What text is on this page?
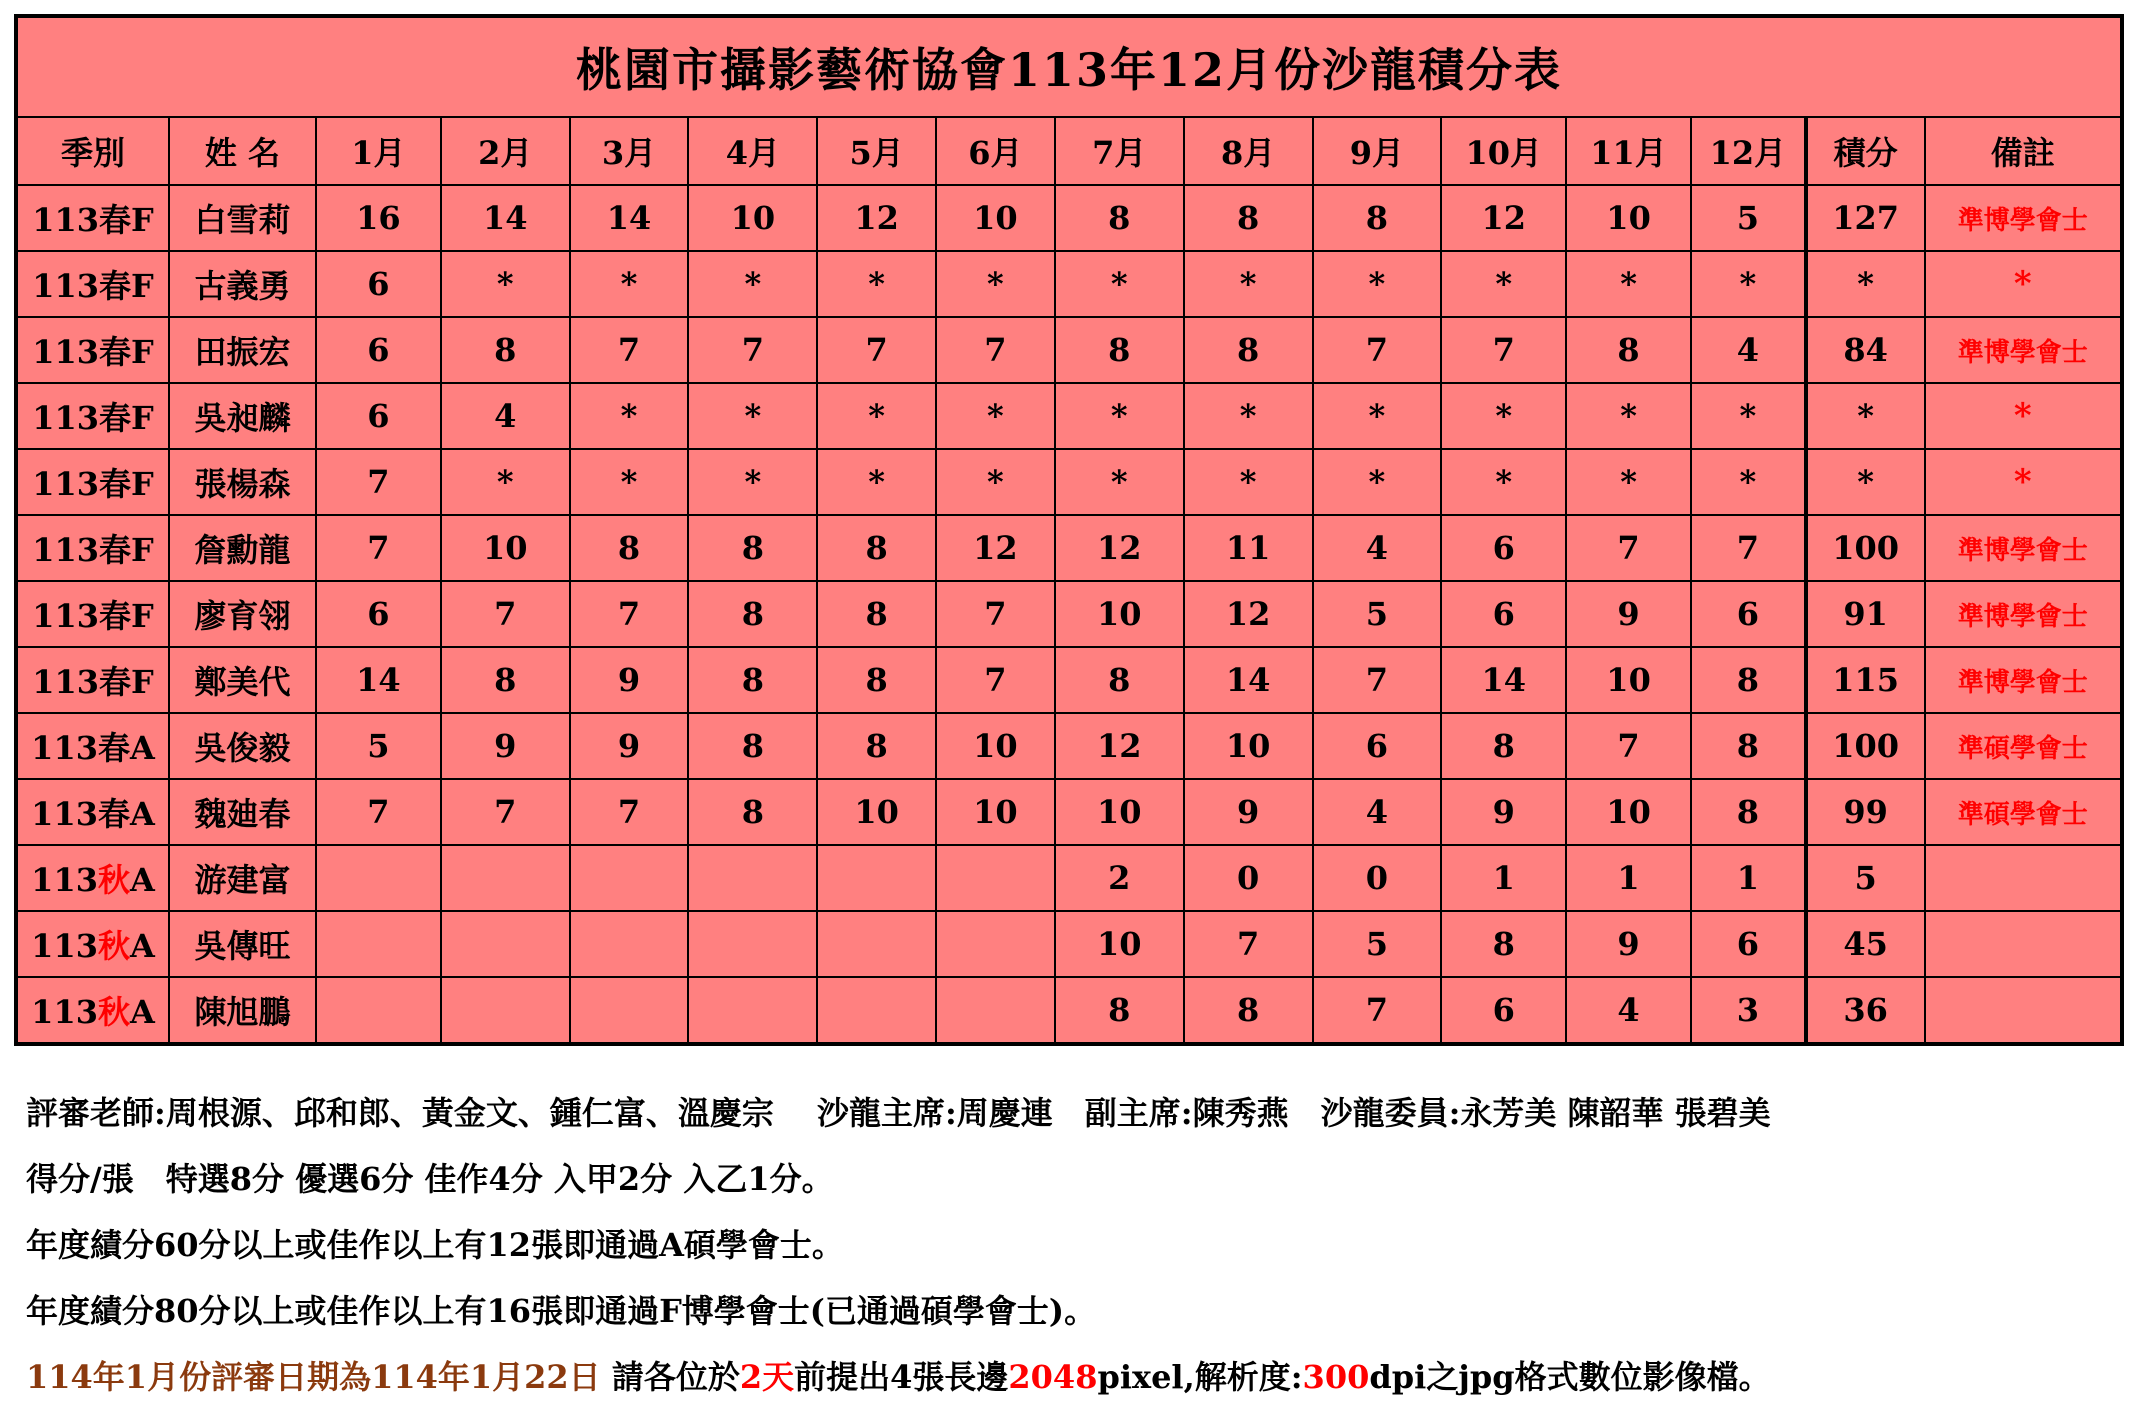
桃園市攝影藝術協會113年12月份沙龍積分表															
季別	姓 名	1月	2月	3月	4月	5月	6月	7月	8月	9月	10月	11月	12月	積分	備註
113春F	白雪莉	16	14	14	10	12	10	8	8	8	12	10	5	127	準博學會士
113春F	古義勇	6	*	*	*	*	*	*	*	*	*	*	*	*	*
113春F	田振宏	6	8	7	7	7	7	8	8	7	7	8	4	84	準博學會士
113春F	吳昶麟	6	4	*	*	*	*	*	*	*	*	*	*	*	*
113春F	張楊森	7	*	*	*	*	*	*	*	*	*	*	*	*	*
113春F	詹勳龍	7	10	8	8	8	12	12	11	4	6	7	7	100	準博學會士
113春F	廖育翎	6	7	7	8	8	7	10	12	5	6	9	6	91	準博學會士
113春F	鄭美代	14	8	9	8	8	7	8	14	7	14	10	8	115	準博學會士
113春A	吳俊毅	5	9	9	8	8	10	12	10	6	8	7	8	100	準碩學會士
113春A	魏廸春	7	7	7	8	10	10	10	9	4	9	10	8	99	準碩學會士
113秋A	游建富							2	0	0	1	1	1	5	
113秋A	吳傳旺							10	7	5	8	9	6	45	
113秋A	陳旭鵬							8	8	7	6	4	3	36	
評審老師:周根源、邱和郎、黃金文、鍾仁富、溫慶宗　 沙龍主席:周慶連　副主席:陳秀燕　沙龍委員:永芳美 陳韶華 張碧美
得分/張　特選8分 優選6分 佳作4分 入甲2分 入乙1分。
年度績分60分以上或佳作以上有12張即通過A碩學會士。
年度績分80分以上或佳作以上有16張即通過F博學會士(已通過碩學會士)。
114年1月份評審日期為114年1月22日 請各位於2天前提出4張長邊2048pixel,解析度:300dpi之jpg格式數位影像檔。
